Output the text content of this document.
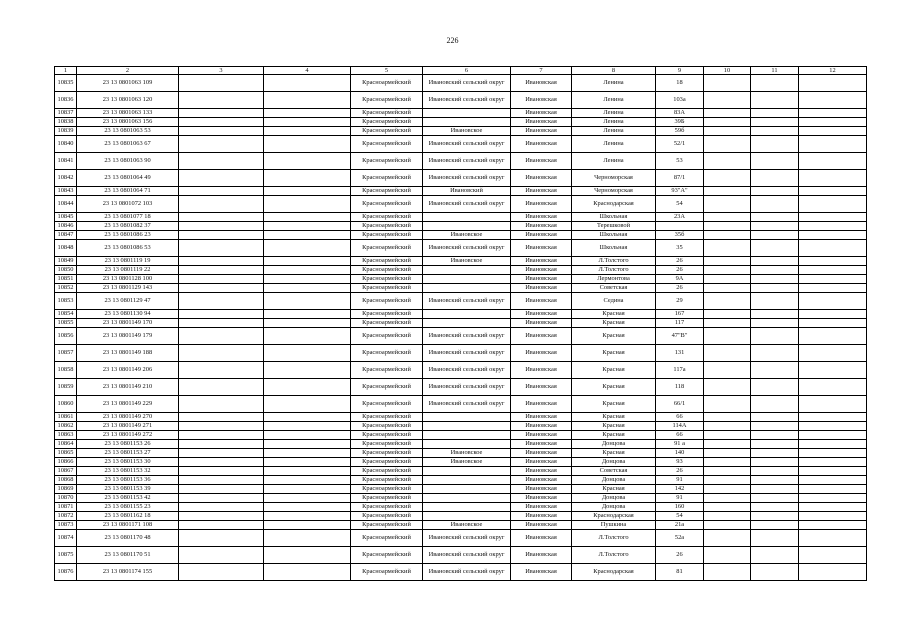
226
1	2	3	4	5	6	7	8	9	10	11	12
10835	23 13 0801063 109			Красноармейский	Ивановский сельский округ	Ивановская	Ленина	18			
10836	23 13 0801063 120			Красноармейский	Ивановский сельский округ	Ивановская	Ленина	103а			
10837	23 13 0801063 133			Красноармейский		Ивановская	Ленина	83А			
10838	23 13 0801063 156			Красноармейский		Ивановская	Ленина	39Б			
10839	23 13 0801063 53			Красноармейский	Ивановское	Ивановская	Ленина	59б			
10840	23 13 0801063 67			Красноармейский	Ивановский сельский округ	Ивановская	Ленина	52/1			
10841	23 13 0801063 90			Красноармейский	Ивановский сельский округ	Ивановская	Ленина	53			
10842	23 13 0801064 49			Красноармейский	Ивановский сельский округ	Ивановская	Черноморская	87/1			
10843	23 13 0801064 71			Красноармейский	Ивановский	Ивановская	Черноморская	93"А"			
10844	23 13 0801072 103			Красноармейский	Ивановский сельский округ	Ивановская	Краснодарская	54			
10845	23 13 0801077 18			Красноармейский		Ивановская	Школьная	23А			
10846	23 13 0801082 37			Красноармейский		Ивановская	Терешковой				
10847	23 13 0801086 23			Красноармейский	Ивановское	Ивановская	Школьная	35б			
10848	23 13 0801086 53			Красноармейский	Ивановский сельский округ	Ивановская	Школьная	35			
10849	23 13 0801119 19			Красноармейский	Ивановское	Ивановская	Л.Толстого	26			
10850	23 13 0801119 22			Красноармейский		Ивановская	Л.Толстого	26			
10851	23 13 0801128 100			Красноармейский		Ивановская	Лермонтова	9А			
10852	23 13 0801129 143			Красноармейский		Ивановская	Советская	26			
10853	23 13 0801129 47			Красноармейский	Ивановский сельский округ	Ивановская	Седина	29			
10854	23 13 0801130 94			Красноармейский		Ивановская	Красная	167			
10855	23 13 0801149 170			Красноармейский		Ивановская	Красная	117			
10856	23 13 0801149 179			Красноармейский	Ивановский сельский округ	Ивановская	Красная	47"В"			
10857	23 13 0801149 188			Красноармейский	Ивановский сельский округ	Ивановская	Красная	131			
10858	23 13 0801149 206			Красноармейский	Ивановский сельский округ	Ивановская	Красная	117а			
10859	23 13 0801149 210			Красноармейский	Ивановский сельский округ	Ивановская	Красная	118			
10860	23 13 0801149 229			Красноармейский	Ивановский сельский округ	Ивановская	Красная	66/1			
10861	23 13 0801149 270			Красноармейский		Ивановская	Красная	66			
10862	23 13 0801149 271			Красноармейский		Ивановская	Красная	114А			
10863	23 13 0801149 272			Красноармейский		Ивановская	Красная	66			
10864	23 13 0801153 26			Красноармейский		Ивановская	Донцова	91 а			
10865	23 13 0801153 27			Красноармейский	Ивановское	Ивановская	Красная	140			
10866	23 13 0801153 30			Красноармейский	Ивановское	Ивановская	Донцова	93			
10867	23 13 0801153 32			Красноармейский		Ивановская	Советская	26			
10868	23 13 0801153 36			Красноармейский		Ивановская	Донцова	91			
10869	23 13 0801153 39			Красноармейский		Ивановская	Красная	142			
10870	23 13 0801153 42			Красноармейский		Ивановская	Донцова	91			
10871	23 13 0801155 23			Красноармейский		Ивановская	Донцова	160			
10872	23 13 0801162 18			Красноармейский		Ивановская	Краснодарская	54			
10873	23 13 0801171 108			Красноармейский	Ивановское	Ивановская	Пушкина	21а			
10874	23 13 0801170 48			Красноармейский	Ивановский сельский округ	Ивановская	Л.Толстого	52а			
10875	23 13 0801170 51			Красноармейский	Ивановский сельский округ	Ивановская	Л.Толстого	26			
10876	23 13 0801174 155			Красноармейский	Ивановский сельский округ	Ивановская	Краснодарская	81			
